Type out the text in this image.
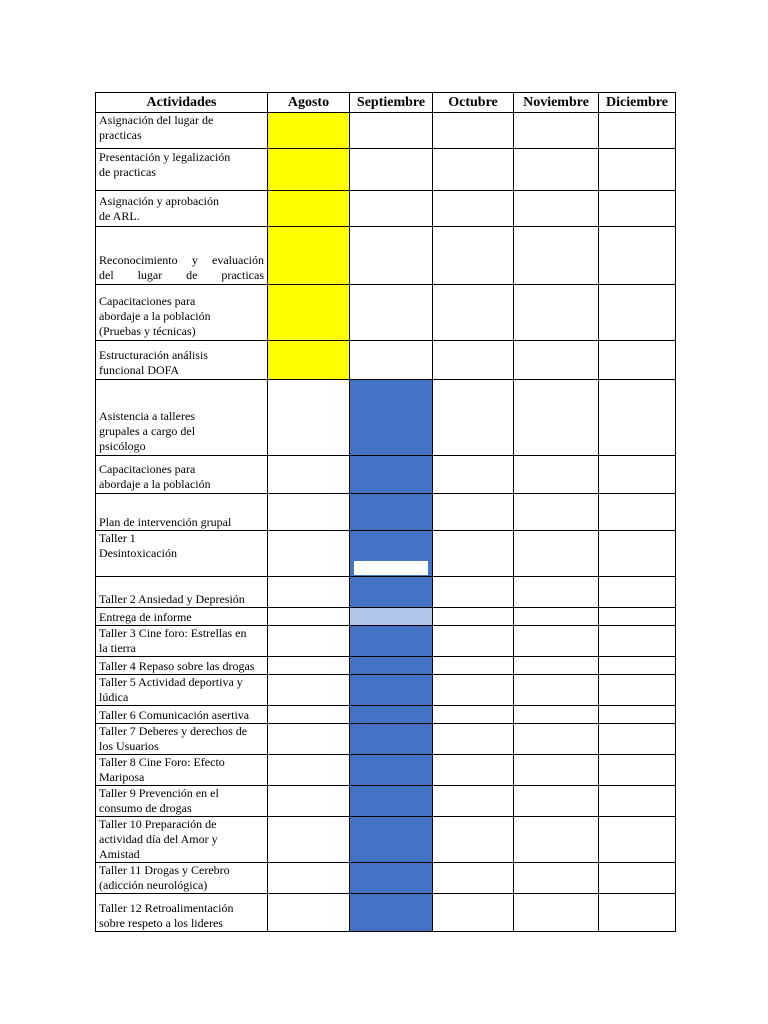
Actividades	Agosto	Septiembre	Octubre	Noviembre	Diciembre
Asignación del lugar de
practicas					
Presentación y legalización
de practicas					
Asignación y aprobación
de ARL.					
Reconocimiento y evaluación
del lugar de practicas					
Capacitaciones para
abordaje a la población
(Pruebas y técnicas)					
Estructuración análisis
funcional DOFA					
Asistencia a talleres
grupales a cargo del
psicólogo					
Capacitaciones para
abordaje a la población					
Plan de intervención grupal					
Taller 1
Desintoxicación		

Taller 2 Ansiedad y Depresión					
Entrega de informe					
Taller 3 Cine foro: Estrellas en
la tierra					
Taller 4 Repaso sobre las drogas					
Taller 5 Actividad deportiva y
lúdica					
Taller 6 Comunicación asertiva					
Taller 7 Deberes y derechos de
los Usuarios					
Taller 8 Cine Foro: Efecto
Mariposa					
Taller 9 Prevención en el
consumo de drogas					
Taller 10 Preparación de
actividad día del Amor y
Amistad					
Taller 11 Drogas y Cerebro
(adicción neurológica)					
Taller 12 Retroalimentación
sobre respeto a los lideres					
